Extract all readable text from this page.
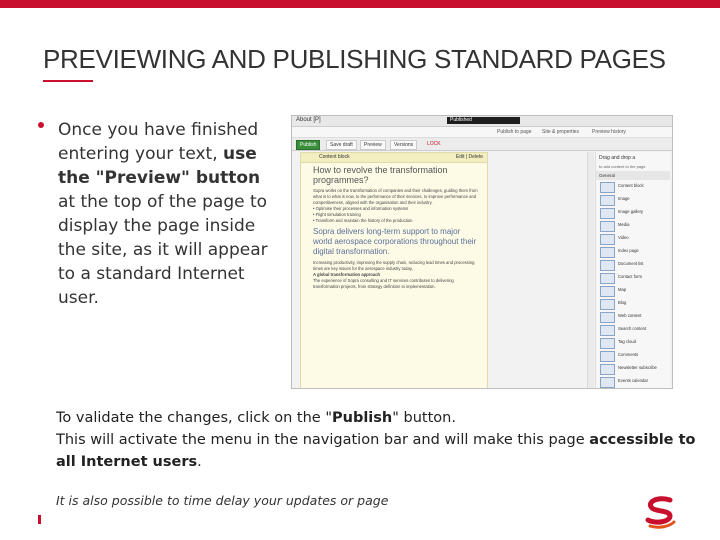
PREVIEWING AND PUBLISHING STANDARD PAGES
Once you have finished entering your text, use the "Preview" button at the top of the page to display the page inside the site, as it will appear to a standard Internet user.
About [P]	Published
Publish to page Site & properties	Preview history
Publish	Save draft	Preview	Versions	LOCK
Content block	Edit | Delete
How to revolve the transformation programmes?
Sopra works on the transformation of companies and their challenges, guiding them from what is to what is now, to the performance of their services, to improve performance and competitiveness, aligned with the organisation and their industry.
• Optimise their processes and information systems
• Flight simulation training
• Transform and maintain the history of the production
Sopra delivers long-term support to major world aerospace corporations throughout their digital transformation.
Increasing productivity, improving the supply chain, reducing lead times and processing times are key issues for the aerospace industry today.
A global transformation approach
The experience of Sopra consulting and IT services contributes to delivering transformation projects, from strategy definition to implementation.
Drag and drop a
to add content to the page
General
Content block
Image
Image gallery
Media
Video
Index page
Document list
Contact form
Map
Blog
Web content
Search content
Tag cloud
Comments
Newsletter subscribe
Events calendar
To validate the changes, click on the "Publish" button.
This will activate the menu in the navigation bar and will make this page accessible to all Internet users.
It is also possible to time delay your updates or page
